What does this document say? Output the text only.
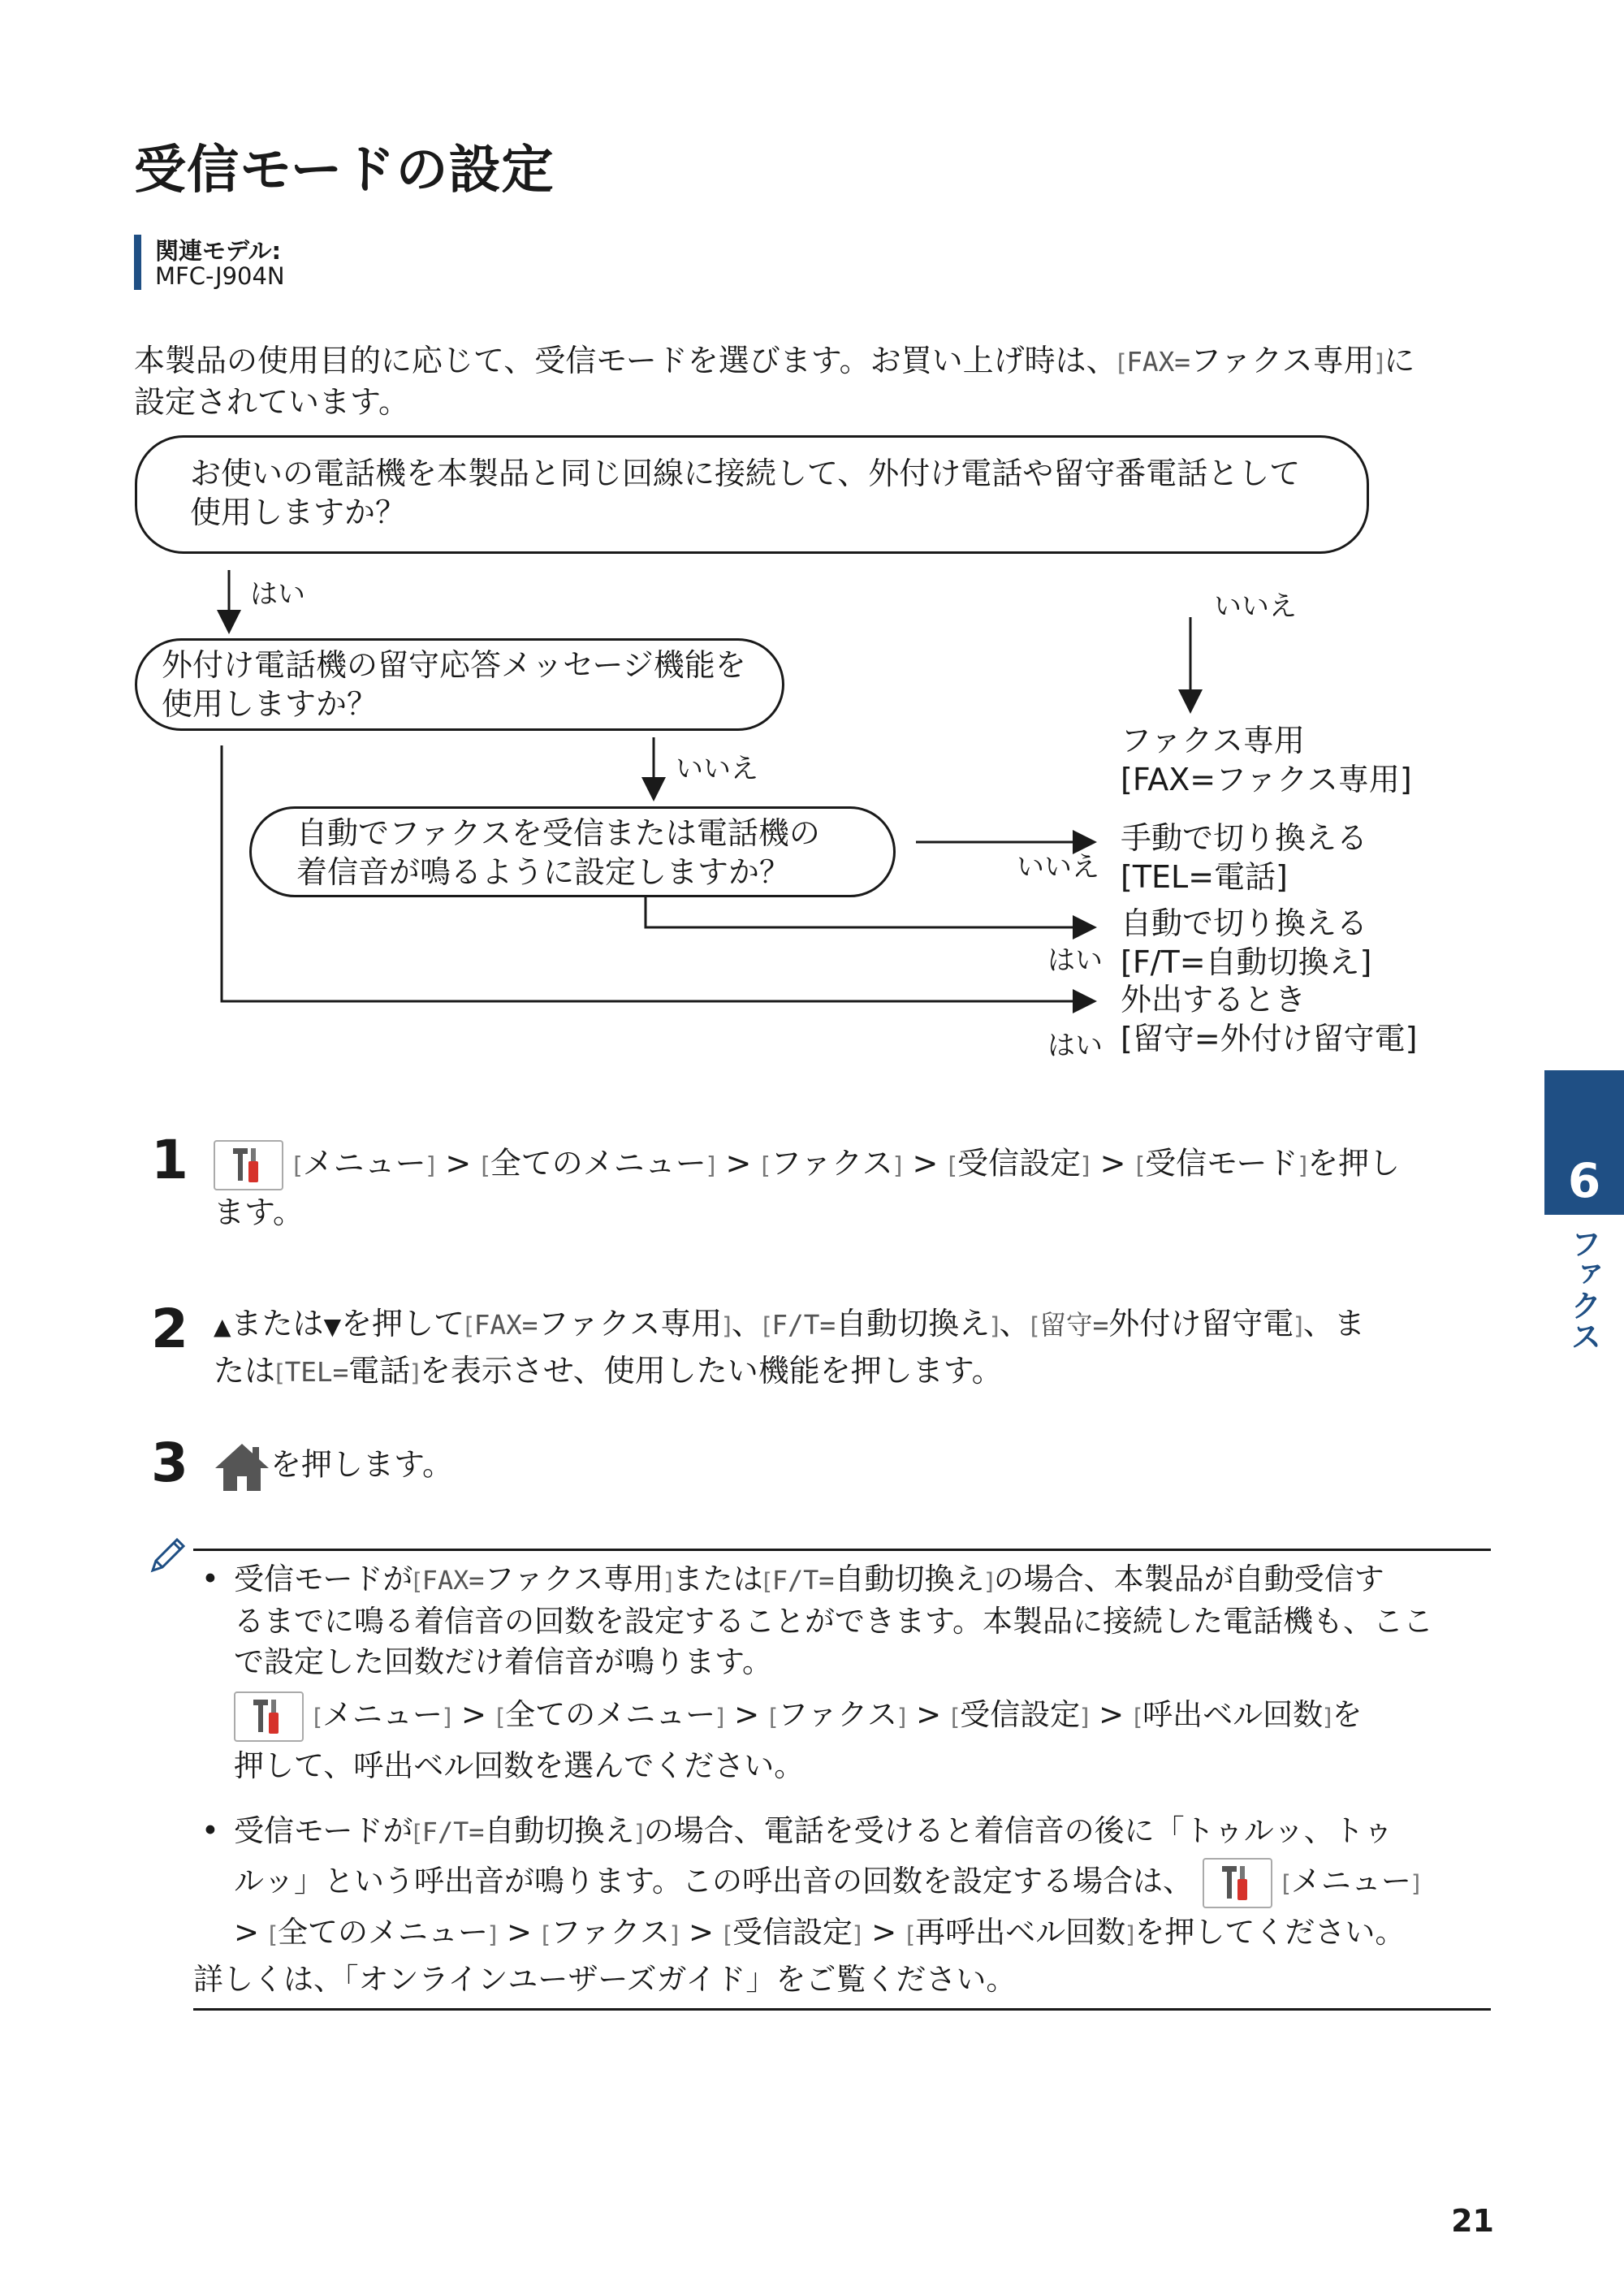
受信モードの設定
関連モデル:
MFC-J904N
本製品の使用目的に応じて、受信モードを選びます。お買い上げ時は、[FAX=ファクス専用]に
設定されています。
お使いの電話機を本製品と同じ回線に接続して、外付け電話や留守番電話として
使用しますか？
外付け電話機の留守応答メッセージ機能を
使用しますか？
自動でファクスを受信または電話機の
着信音が鳴るように設定しますか？
はい	いいえ
いいえ
いいえ
はい
はい
ファクス専用
[FAX=ファクス専用]
手動で切り換える
[TEL=電話]
自動で切り換える
[F/T=自動切換え]
外出するとき
[留守=外付け留守電]
1	[メニュー] > [全てのメニュー] > [ファクス] > [受信設定] > [受信モード]を押し
ます。
2 ▲または▼を押して[FAX=ファクス専用]、[F/T=自動切換え]、[留守=外付け留守電]、ま
たは[TEL=電話]を表示させ、使用したい機能を押します。
3	を押します。
• 受信モードが[FAX=ファクス専用]または[F/T=自動切換え]の場合、本製品が自動受信す
るまでに鳴る着信音の回数を設定することができます。本製品に接続した電話機も、ここ
で設定した回数だけ着信音が鳴ります。
[メニュー] > [全てのメニュー] > [ファクス] > [受信設定] > [呼出ベル回数]を
押して、呼出ベル回数を選んでください。
• 受信モードが[F/T=自動切換え]の場合、電話を受けると着信音の後に「トゥルッ、トゥ
ルッ」という呼出音が鳴ります。この呼出音の回数を設定する場合は、	[メニュー]
> [全てのメニュー] > [ファクス] > [受信設定] > [再呼出ベル回数]を押してください。
詳しくは、「オンラインユーザーズガイド」をご覧ください。
6
ファクス
21
